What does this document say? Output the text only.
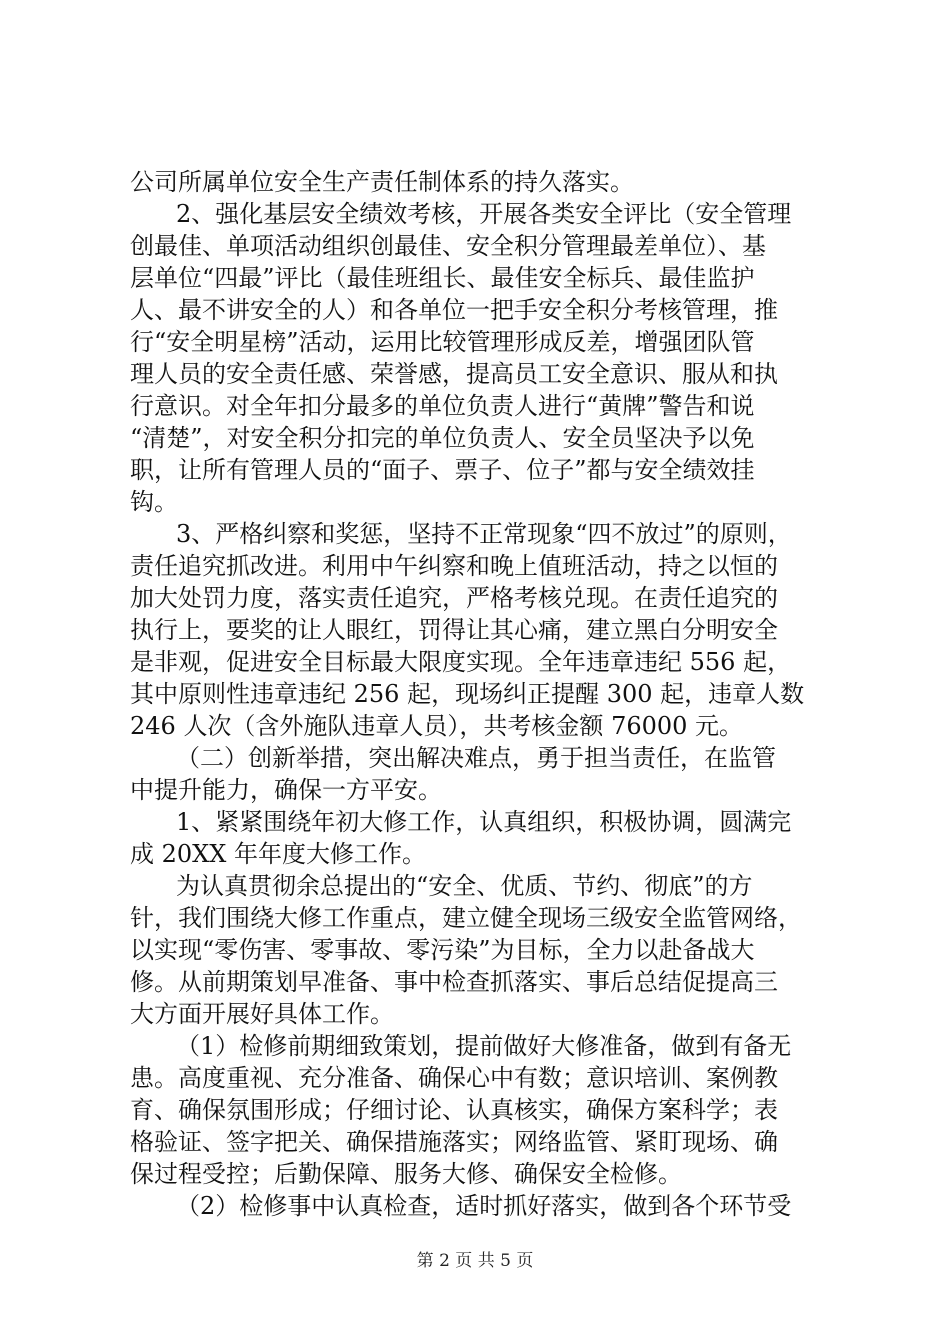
公司所属单位安全生产责任制体系的持久落实。
2、强化基层安全绩效考核，开展各类安全评比（安全管理
创最佳、单项活动组织创最佳、安全积分管理最差单位）、基
层单位“四最”评比（最佳班组长、最佳安全标兵、最佳监护
人、最不讲安全的人）和各单位一把手安全积分考核管理，推
行“安全明星榜”活动，运用比较管理形成反差，增强团队管
理人员的安全责任感、荣誉感，提高员工安全意识、服从和执
行意识。对全年扣分最多的单位负责人进行“黄牌”警告和说
“清楚”，对安全积分扣完的单位负责人、安全员坚决予以免
职，让所有管理人员的“面子、票子、位子”都与安全绩效挂
钩。
3、严格纠察和奖惩，坚持不正常现象“四不放过”的原则，
责任追究抓改进。利用中午纠察和晚上值班活动，持之以恒的
加大处罚力度，落实责任追究，严格考核兑现。在责任追究的
执行上，要奖的让人眼红，罚得让其心痛，建立黑白分明安全
是非观，促进安全目标最大限度实现。全年违章违纪 556 起，
其中原则性违章违纪 256 起，现场纠正提醒 300 起，违章人数
246 人次（含外施队违章人员），共考核金额 76000 元。
（二）创新举措，突出解决难点，勇于担当责任，在监管
中提升能力，确保一方平安。
1、紧紧围绕年初大修工作，认真组织，积极协调，圆满完
成 20XX 年年度大修工作。
为认真贯彻余总提出的“安全、优质、节约、彻底”的方
针，我们围绕大修工作重点，建立健全现场三级安全监管网络，
以实现“零伤害、零事故、零污染”为目标，全力以赴备战大
修。从前期策划早准备、事中检查抓落实、事后总结促提高三
大方面开展好具体工作。
（1）检修前期细致策划，提前做好大修准备，做到有备无
患。高度重视、充分准备、确保心中有数；意识培训、案例教
育、确保氛围形成；仔细讨论、认真核实，确保方案科学；表
格验证、签字把关、确保措施落实；网络监管、紧盯现场、确
保过程受控；后勤保障、服务大修、确保安全检修。
（2）检修事中认真检查，适时抓好落实，做到各个环节受
第 2 页 共 5 页
